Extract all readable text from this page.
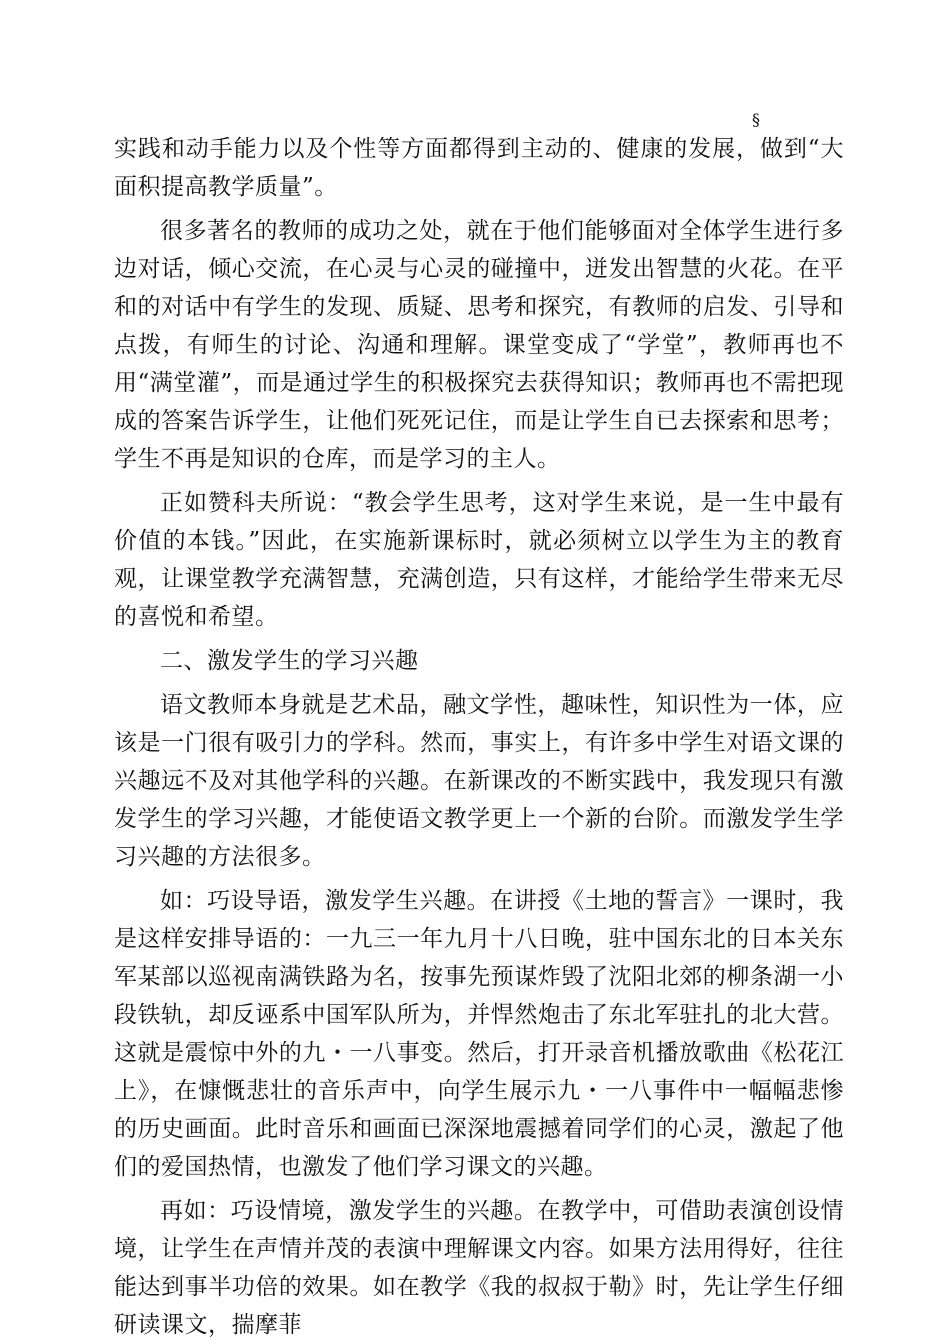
§

实践和动手能力以及个性等方面都得到主动的、健康的发展，做到“大面积提高教学质量”。

很多著名的教师的成功之处，就在于他们能够面对全体学生进行多边对话，倾心交流，在心灵与心灵的碰撞中，迸发出智慧的火花。在平和的对话中有学生的发现、质疑、思考和探究，有教师的启发、引导和点拨，有师生的讨论、沟通和理解。课堂变成了“学堂”，教师再也不用“满堂灌”，而是通过学生的积极探究去获得知识；教师再也不需把现成的答案告诉学生，让他们死死记住，而是让学生自已去探索和思考；学生不再是知识的仓库，而是学习的主人。

正如赞科夫所说：“教会学生思考，这对学生来说，是一生中最有价值的本钱。”因此，在实施新课标时，就必须树立以学生为主的教育观，让课堂教学充满智慧，充满创造，只有这样，才能给学生带来无尽的喜悦和希望。

二、激发学生的学习兴趣

语文教师本身就是艺术品，融文学性，趣味性，知识性为一体，应该是一门很有吸引力的学科。然而，事实上，有许多中学生对语文课的兴趣远不及对其他学科的兴趣。在新课改的不断实践中，我发现只有激发学生的学习兴趣，才能使语文教学更上一个新的台阶。而激发学生学习兴趣的方法很多。

如：巧设导语，激发学生兴趣。在讲授《土地的誓言》一课时，我是这样安排导语的：一九三一年九月十八日晚，驻中国东北的日本关东军某部以巡视南满铁路为名，按事先预谋炸毁了沈阳北郊的柳条湖一小段铁轨，却反诬系中国军队所为，并悍然炮击了东北军驻扎的北大营。这就是震惊中外的九・一八事变。然后，打开录音机播放歌曲《松花江上》，在慷慨悲壮的音乐声中，向学生展示九・一八事件中一幅幅悲惨的历史画面。此时音乐和画面已深深地震撼着同学们的心灵，激起了他们的爱国热情，也激发了他们学习课文的兴趣。

再如：巧设情境，激发学生的兴趣。在教学中，可借助表演创设情境，让学生在声情并茂的表演中理解课文内容。如果方法用得好，往往能达到事半功倍的效果。如在教学《我的叔叔于勒》时，先让学生仔细研读课文，揣摩菲
